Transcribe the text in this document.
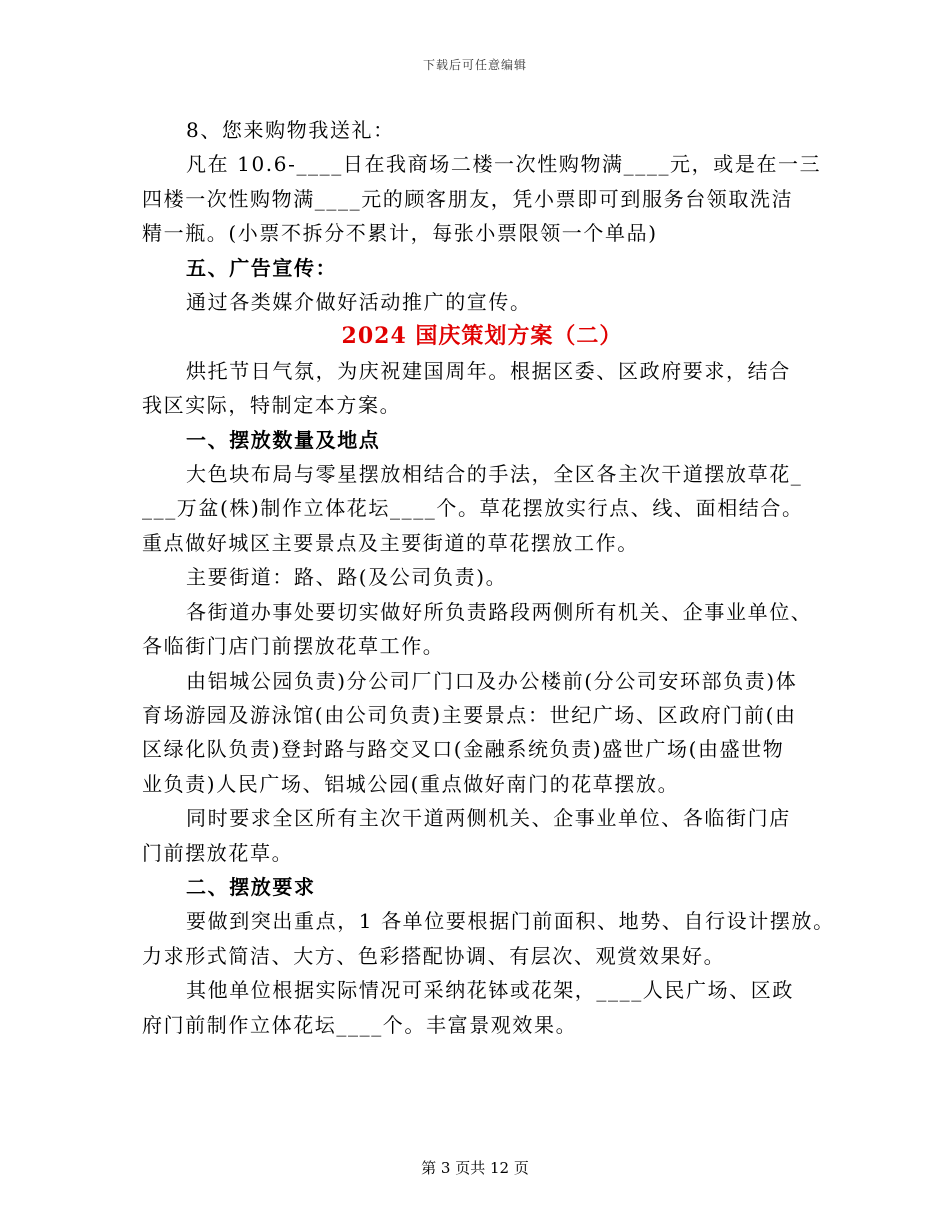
下载后可任意编辑

8、您来购物我送礼：

凡在 10.6-____日在我商场二楼一次性购物满____元，或是在一三

四楼一次性购物满____元的顾客朋友，凭小票即可到服务台领取洗洁

精一瓶。(小票不拆分不累计，每张小票限领一个单品)

五、广告宣传：

通过各类媒介做好活动推广的宣传。

2024 国庆策划方案（二）

烘托节日气氛，为庆祝建国周年。根据区委、区政府要求，结合

我区实际，特制定本方案。

一、摆放数量及地点

大色块布局与零星摆放相结合的手法，全区各主次干道摆放草花_

___万盆(株)制作立体花坛____个。草花摆放实行点、线、面相结合。

重点做好城区主要景点及主要街道的草花摆放工作。

主要街道：路、路(及公司负责)。

各街道办事处要切实做好所负责路段两侧所有机关、企事业单位、

各临街门店门前摆放花草工作。

由铝城公园负责)分公司厂门口及办公楼前(分公司安环部负责)体

育场游园及游泳馆(由公司负责)主要景点：世纪广场、区政府门前(由

区绿化队负责)登封路与路交叉口(金融系统负责)盛世广场(由盛世物

业负责)人民广场、铝城公园(重点做好南门的花草摆放。

同时要求全区所有主次干道两侧机关、企事业单位、各临街门店

门前摆放花草。

二、摆放要求

要做到突出重点，1 各单位要根据门前面积、地势、自行设计摆放。

力求形式简洁、大方、色彩搭配协调、有层次、观赏效果好。

其他单位根据实际情况可采纳花钵或花架，____人民广场、区政

府门前制作立体花坛____个。丰富景观效果。

第 3 页共 12 页
